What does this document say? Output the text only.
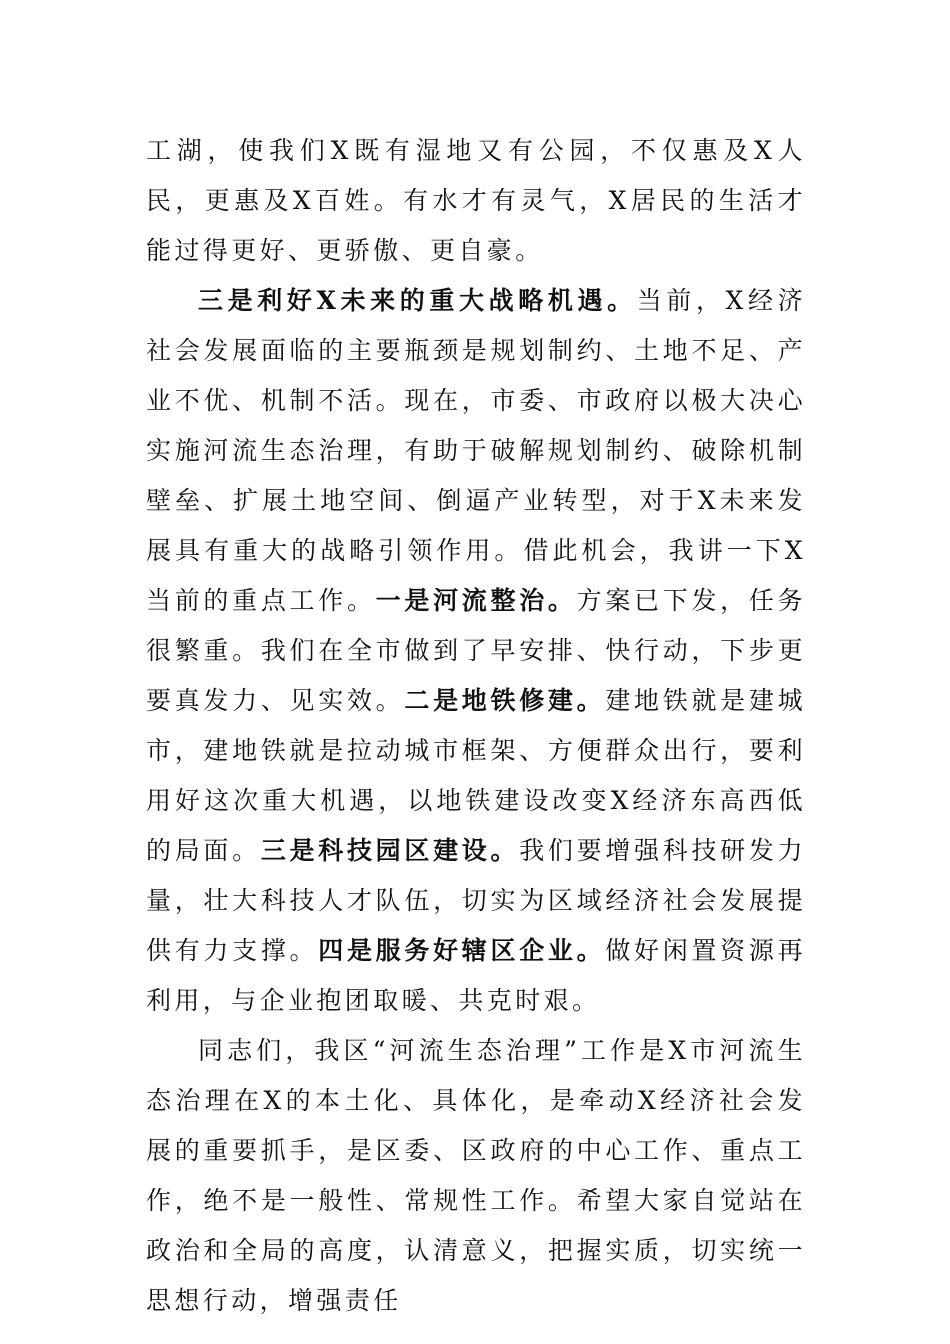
工湖，使我们X既有湿地又有公园，不仅惠及X人民，更惠及X百姓。有水才有灵气，X居民的生活才能过得更好、更骄傲、更自豪。

三是利好X未来的重大战略机遇。当前，X经济社会发展面临的主要瓶颈是规划制约、土地不足、产业不优、机制不活。现在，市委、市政府以极大决心实施河流生态治理，有助于破解规划制约、破除机制壁垒、扩展土地空间、倒逼产业转型，对于X未来发展具有重大的战略引领作用。借此机会，我讲一下X当前的重点工作。一是河流整治。方案已下发，任务很繁重。我们在全市做到了早安排、快行动，下步更要真发力、见实效。二是地铁修建。建地铁就是建城市，建地铁就是拉动城市框架、方便群众出行，要利用好这次重大机遇，以地铁建设改变X经济东高西低的局面。三是科技园区建设。我们要增强科技研发力量，壮大科技人才队伍，切实为区域经济社会发展提供有力支撑。四是服务好辖区企业。做好闲置资源再利用，与企业抱团取暖、共克时艰。

同志们，我区“河流生态治理”工作是X市河流生态治理在X的本土化、具体化，是牵动X经济社会发展的重要抓手，是区委、区政府的中心工作、重点工作，绝不是一般性、常规性工作。希望大家自觉站在政治和全局的高度，认清意义，把握实质，切实统一思想行动，增强责任
